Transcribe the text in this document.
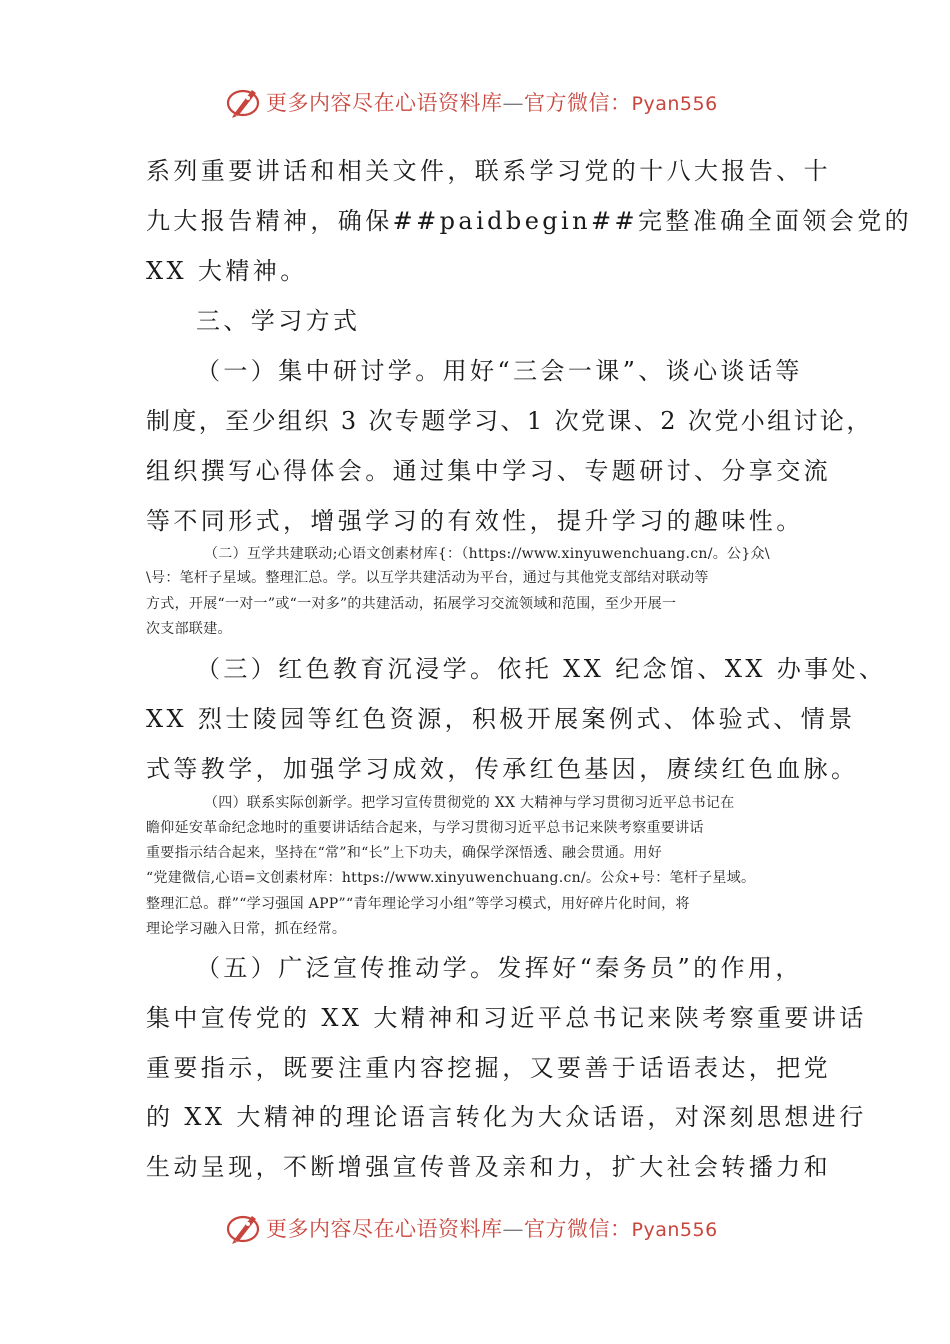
更多内容尽在心语资料库—官方微信：Pyan556
系列重要讲话和相关文件，联系学习党的十八大报告、十
九大报告精神，确保##paidbegin##完整准确全面领会党的
XX 大精神。
三、学习方式
（一）集中研讨学。用好“三会一课”、谈心谈话等
制度，至少组织 3 次专题学习、1 次党课、2 次党小组讨论，
组织撰写心得体会。通过集中学习、专题研讨、分享交流
等不同形式，增强学习的有效性，提升学习的趣味性。
（二）互学共建联动;心语文创素材库{：（https://www.xinyuwenchuang.cn/。公}众\
\号：笔杆子星域。整理汇总。学。以互学共建活动为平台，通过与其他党支部结对联动等
方式，开展“一对一”或“一对多”的共建活动，拓展学习交流领域和范围，至少开展一
次支部联建。
（三）红色教育沉浸学。依托 XX 纪念馆、XX 办事处、
XX 烈士陵园等红色资源，积极开展案例式、体验式、情景
式等教学，加强学习成效，传承红色基因，赓续红色血脉。
（四）联系实际创新学。把学习宣传贯彻党的 XX 大精神与学习贯彻习近平总书记在
瞻仰延安革命纪念地时的重要讲话结合起来，与学习贯彻习近平总书记来陕考察重要讲话
重要指示结合起来，坚持在“常”和“长”上下功夫，确保学深悟透、融会贯通。用好
“党建微信,心语=文创素材库：https://www.xinyuwenchuang.cn/。公众+号：笔杆子星域。
整理汇总。群”“学习强国 APP”“青年理论学习小组”等学习模式，用好碎片化时间，将
理论学习融入日常，抓在经常。
（五）广泛宣传推动学。发挥好“秦务员”的作用，
集中宣传党的 XX 大精神和习近平总书记来陕考察重要讲话
重要指示，既要注重内容挖掘，又要善于话语表达，把党
的 XX 大精神的理论语言转化为大众话语，对深刻思想进行
生动呈现，不断增强宣传普及亲和力，扩大社会转播力和
更多内容尽在心语资料库—官方微信：Pyan556
